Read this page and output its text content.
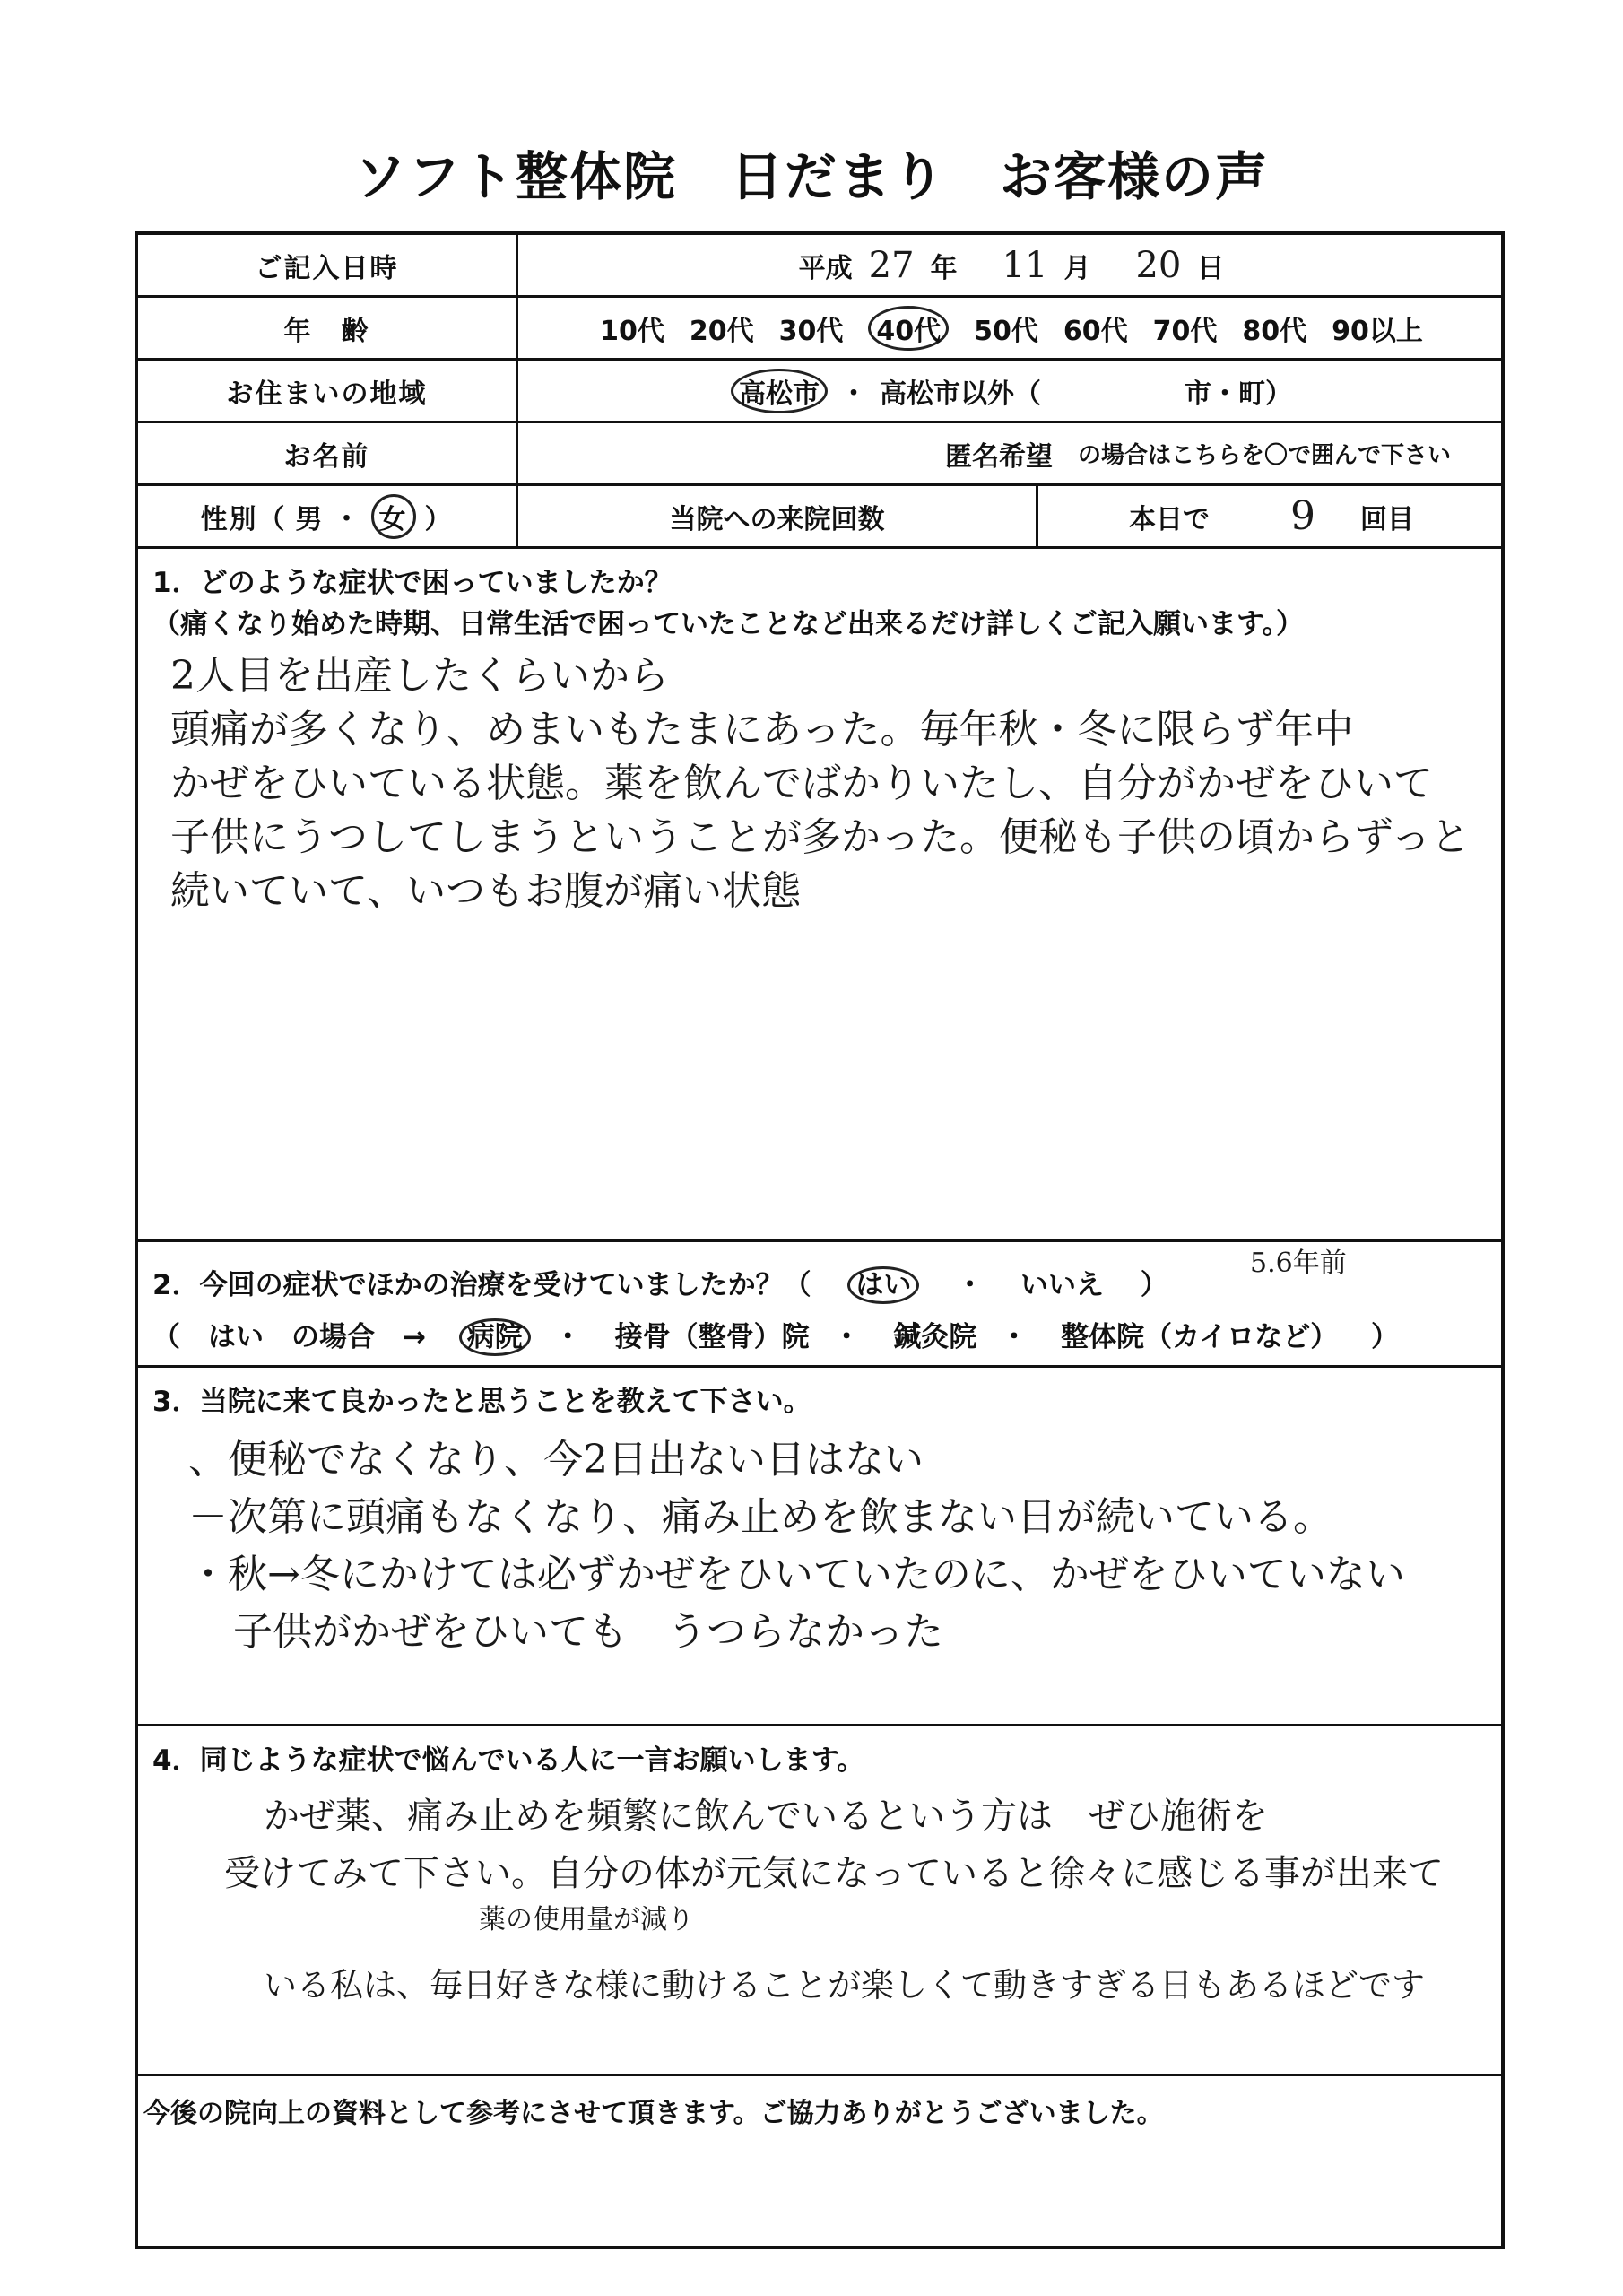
ソフト整体院　日だまり　お客様の声
ご記入日時	平成 27 年 11 月 20 日
年　齢	10代 20代 30代	40代	50代 60代 70代 80代 90以上
お住まいの地域	高松市 ・ 高松市以外（	市・町）
お名前	匿名希望 の場合はこちらを〇で囲んで下さい
性別（ 男 ・ 女 ）	当院への来院回数	本日で 9 回目
1．どのような症状で困っていましたか？
（痛くなり始めた時期、日常生活で困っていたことなど出来るだけ詳しくご記入願います。）
2人目を出産したくらいから
頭痛が多くなり、めまいもたまにあった。毎年秋・冬に限らず年中
かぜをひいている状態。薬を飲んでばかりいたし、自分がかぜをひいて
子供にうつしてしまうということが多かった。便秘も子供の頃からずっと
続いていて、いつもお腹が痛い状態
2．今回の症状でほかの治療を受けていましたか？（ はい ・ いいえ ）
5.6年前
（　はい　の場合　→ 病院 ・ 接骨（整骨）院 ・ 鍼灸院 ・ 整体院（カイロなど） ）
3．当院に来て良かったと思うことを教えて下さい。
、便秘でなくなり、今2日出ない日はない
－次第に頭痛もなくなり、痛み止めを飲まない日が続いている。
・秋→冬にかけては必ずかぜをひいていたのに、かぜをひいていない
子供がかぜをひいても　うつらなかった
4．同じような症状で悩んでいる人に一言お願いします。
かぜ薬、痛み止めを頻繁に飲んでいるという方は　ぜひ施術を
受けてみて下さい。自分の体が元気になっていると徐々に感じる事が出来て
薬の使用量が減り
いる私は、毎日好きな様に動けることが楽しくて動きすぎる日もあるほどです
今後の院向上の資料として参考にさせて頂きます。ご協力ありがとうございました。
